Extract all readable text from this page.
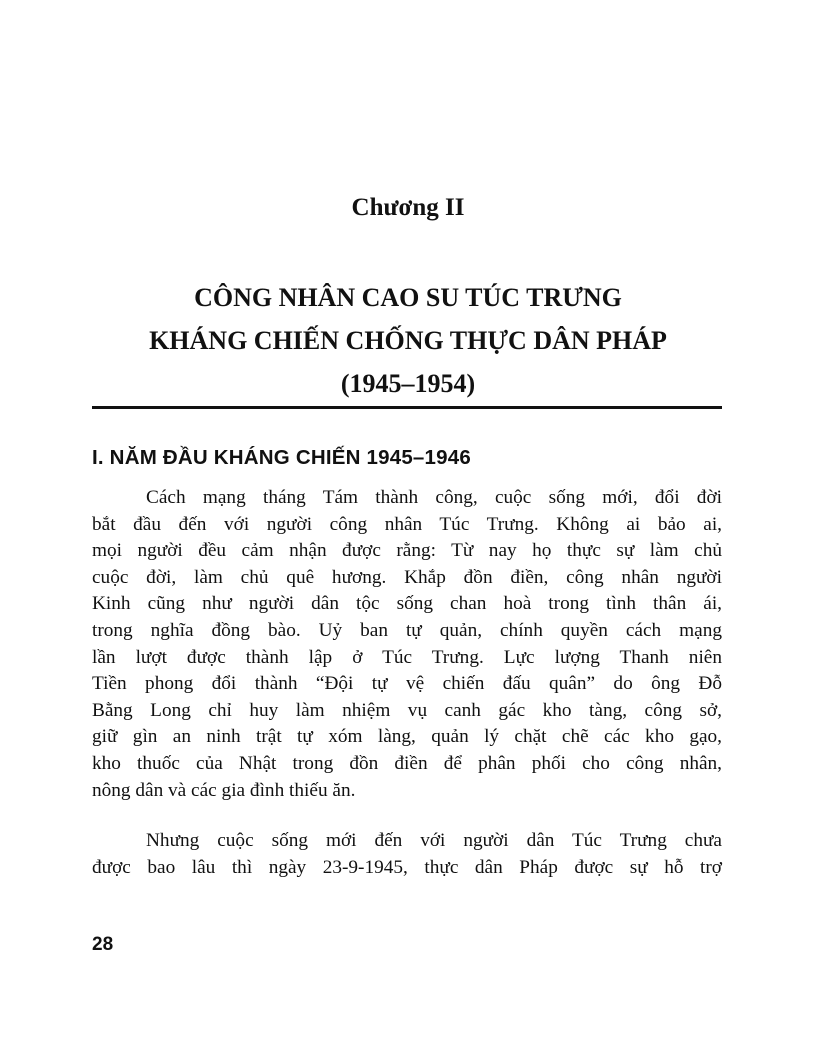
Chương II
CÔNG NHÂN CAO SU TÚC TRƯNG
KHÁNG CHIẾN CHỐNG THỰC DÂN PHÁP
(1945–1954)
I. NĂM ĐẦU KHÁNG CHIẾN 1945–1946
Cách mạng tháng Tám thành công, cuộc sống mới, đổi đời
bắt đầu đến với người công nhân Túc Trưng. Không ai bảo ai,
mọi người đều cảm nhận được rằng: Từ nay họ thực sự làm chủ
cuộc đời, làm chủ quê hương. Khắp đồn điền, công nhân người
Kinh cũng như người dân tộc sống chan hoà trong tình thân ái,
trong nghĩa đồng bào. Uỷ ban tự quản, chính quyền cách mạng
lần lượt được thành lập ở Túc Trưng. Lực lượng Thanh niên
Tiền phong đổi thành “Đội tự vệ chiến đấu quân” do ông Đỗ
Bằng Long chỉ huy làm nhiệm vụ canh gác kho tàng, công sở,
giữ gìn an ninh trật tự xóm làng, quản lý chặt chẽ các kho gạo,
kho thuốc của Nhật trong đồn điền để phân phối cho công nhân,
nông dân và các gia đình thiếu ăn.
Nhưng cuộc sống mới đến với người dân Túc Trưng chưa
được bao lâu thì ngày 23-9-1945, thực dân Pháp được sự hỗ trợ
28
